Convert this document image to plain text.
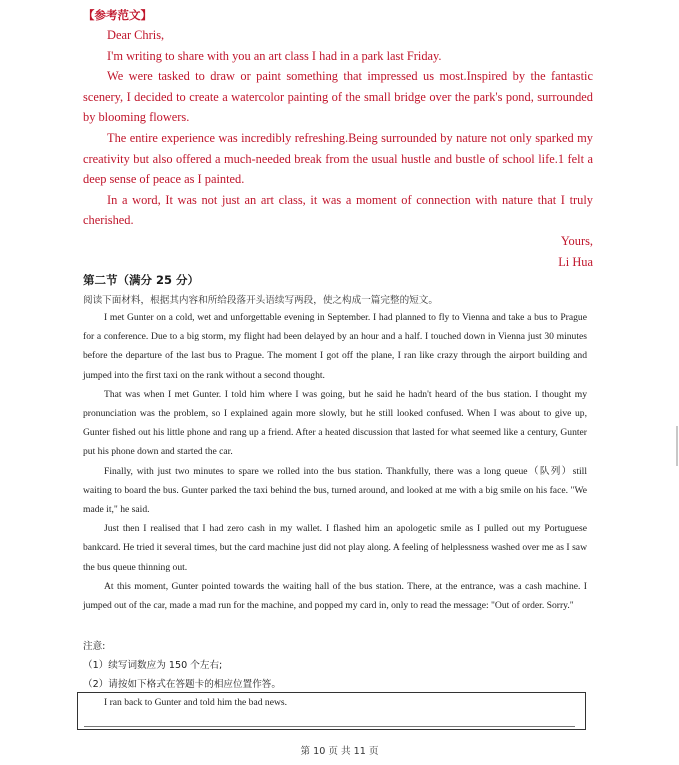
【参考范文】

Dear Chris,

I'm writing to share with you an art class I had in a park last Friday.

We were tasked to draw or paint something that impressed us most.Inspired by the fantastic scenery, I decided to create a watercolor painting of the small bridge over the park's pond, surrounded by blooming flowers.

The entire experience was incredibly refreshing.Being surrounded by nature not only sparked my creativity but also offered a much-needed break from the usual hustle and bustle of school life.1 felt a deep sense of peace as I painted.

In a word, It was not just an art class, it was a moment of connection with nature that I truly cherished.

Yours,

Li Hua

第二节（满分 25 分）
阅读下面材料，根据其内容和所给段落开头语续写两段，使之构成一篇完整的短文。

I met Gunter on a cold, wet and unforgettable evening in September. I had planned to fly to Vienna and take a bus to Prague for a conference. Due to a big storm, my flight had been delayed by an hour and a half. I touched down in Vienna just 30 minutes before the departure of the last bus to Prague. The moment I got off the plane, I ran like crazy through the airport building and jumped into the first taxi on the rank without a second thought.

That was when I met Gunter. I told him where I was going, but he said he hadn't heard of the bus station. I thought my pronunciation was the problem, so I explained again more slowly, but he still looked confused. When I was about to give up, Gunter fished out his little phone and rang up a friend. After a heated discussion that lasted for what seemed like a century, Gunter put his phone down and started the car.

Finally, with just two minutes to spare we rolled into the bus station. Thankfully, there was a long queue（队列）still waiting to board the bus. Gunter parked the taxi behind the bus, turned around, and looked at me with a big smile on his face. "We made it," he said.

Just then I realised that I had zero cash in my wallet. I flashed him an apologetic smile as I pulled out my Portuguese bankcard. He tried it several times, but the card machine just did not play along. A feeling of helplessness washed over me as I saw the bus queue thinning out.

At this moment, Gunter pointed towards the waiting hall of the bus station. There, at the entrance, was a cash machine. I jumped out of the car, made a mad run for the machine, and popped my card in, only to read the message: "Out of order. Sorry."

注意:
（1）续写词数应为 150 个左右;
（2）请按如下格式在答题卡的相应位置作答。
I ran back to Gunter and told him the bad news.
第 10 页 共 11 页
